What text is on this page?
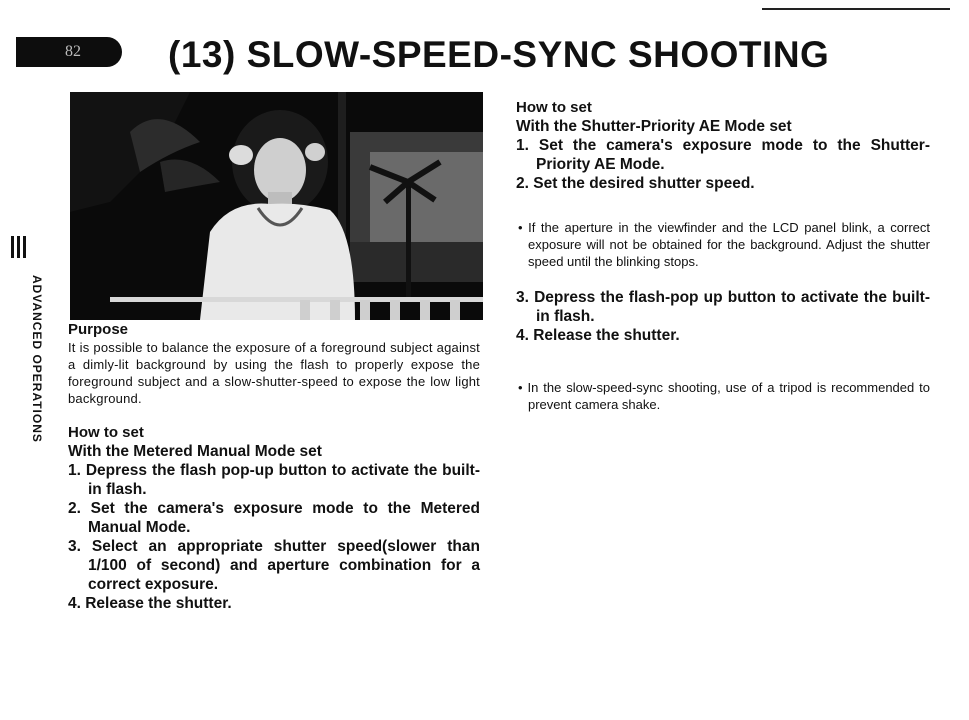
82 (13) SLOW-SPEED-SYNC SHOOTING
ADVANCED OPERATIONS Purpose

It is possible to balance the exposure of a foreground subject against a dimly-lit background by using the flash to properly expose the foreground subject and a slow-shutter-speed to expose the low light background.

How to set

With the Metered Manual Mode set

1. Depress the flash pop-up button to activate the built-in flash.
2. Set the camera's exposure mode to the Metered Manual Mode.
3. Select an appropriate shutter speed(slower than 1/100 of second) and aperture combination for a correct exposure.
4. Release the shutter.

How to set

With the Shutter-Priority AE Mode set

1. Set the camera's exposure mode to the Shutter-Priority AE Mode.
2. Set the desired shutter speed.

• If the aperture in the viewfinder and the LCD panel blink, a correct exposure will not be obtained for the background. Adjust the shutter speed until the blinking stops.

3. Depress the flash-pop up button to activate the built-in flash.
4. Release the shutter.

• In the slow-speed-sync shooting, use of a tripod is recommended to prevent camera shake.
